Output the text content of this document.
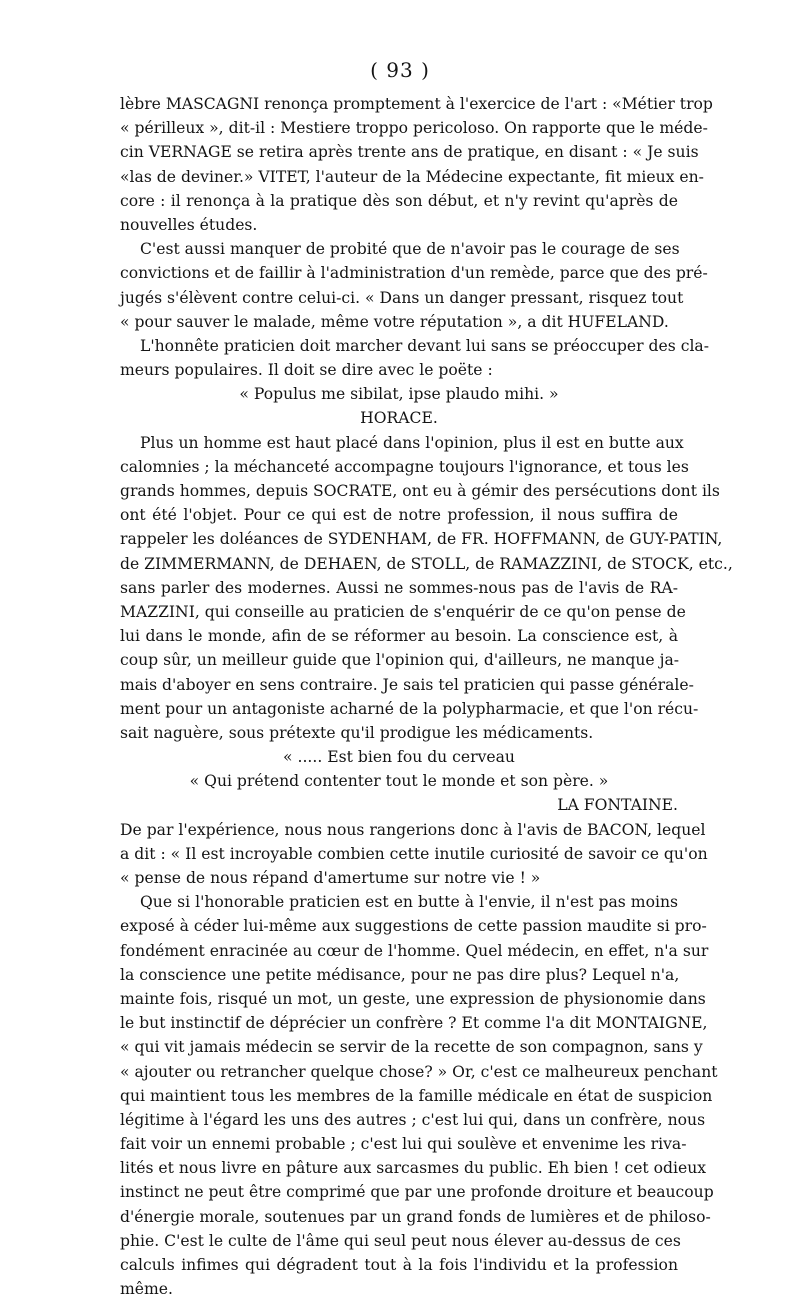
( 93 )
lèbre MASCAGNI renonça promptement à l'exercice de l'art : «Métier trop
« périlleux », dit-il : Mestiere troppo pericoloso. On rapporte que le méde-
cin VERNAGE se retira après trente ans de pratique, en disant : « Je suis
«las de deviner.» VITET, l'auteur de la Médecine expectante, fit mieux en-
core : il renonça à la pratique dès son début, et n'y revint qu'après de
nouvelles études.
C'est aussi manquer de probité que de n'avoir pas le courage de ses
convictions et de faillir à l'administration d'un remède, parce que des pré-
jugés s'élèvent contre celui-ci. « Dans un danger pressant, risquez tout
« pour sauver le malade, même votre réputation », a dit HUFELAND.
L'honnête praticien doit marcher devant lui sans se préoccuper des cla-
meurs populaires. Il doit se dire avec le poëte :
« Populus me sibilat, ipse plaudo mihi. »
HORACE.
Plus un homme est haut placé dans l'opinion, plus il est en butte aux
calomnies ; la méchanceté accompagne toujours l'ignorance, et tous les
grands hommes, depuis SOCRATE, ont eu à gémir des persécutions dont ils
ont été l'objet. Pour ce qui est de notre profession, il nous suffira de
rappeler les doléances de SYDENHAM, de FR. HOFFMANN, de GUY-PATIN,
de ZIMMERMANN, de DEHAEN, de STOLL, de RAMAZZINI, de STOCK, etc.,
sans parler des modernes. Aussi ne sommes-nous pas de l'avis de RA-
MAZZINI, qui conseille au praticien de s'enquérir de ce qu'on pense de
lui dans le monde, afin de se réformer au besoin. La conscience est, à
coup sûr, un meilleur guide que l'opinion qui, d'ailleurs, ne manque ja-
mais d'aboyer en sens contraire. Je sais tel praticien qui passe générale-
ment pour un antagoniste acharné de la polypharmacie, et que l'on récu-
sait naguère, sous prétexte qu'il prodigue les médicaments.
« ..... Est bien fou du cerveau
« Qui prétend contenter tout le monde et son père. »
LA FONTAINE.
De par l'expérience, nous nous rangerions donc à l'avis de BACON, lequel
a dit : « Il est incroyable combien cette inutile curiosité de savoir ce qu'on
« pense de nous répand d'amertume sur notre vie ! »
Que si l'honorable praticien est en butte à l'envie, il n'est pas moins
exposé à céder lui-même aux suggestions de cette passion maudite si pro-
fondément enracinée au cœur de l'homme. Quel médecin, en effet, n'a sur
la conscience une petite médisance, pour ne pas dire plus? Lequel n'a,
mainte fois, risqué un mot, un geste, une expression de physionomie dans
le but instinctif de déprécier un confrère ? Et comme l'a dit MONTAIGNE,
« qui vit jamais médecin se servir de la recette de son compagnon, sans y
« ajouter ou retrancher quelque chose? » Or, c'est ce malheureux penchant
qui maintient tous les membres de la famille médicale en état de suspicion
légitime à l'égard les uns des autres ; c'est lui qui, dans un confrère, nous
fait voir un ennemi probable ; c'est lui qui soulève et envenime les riva-
lités et nous livre en pâture aux sarcasmes du public. Eh bien ! cet odieux
instinct ne peut être comprimé que par une profonde droiture et beaucoup
d'énergie morale, soutenues par un grand fonds de lumières et de philoso-
phie. C'est le culte de l'âme qui seul peut nous élever au-dessus de ces
calculs infimes qui dégradent tout à la fois l'individu et la profession
même.
